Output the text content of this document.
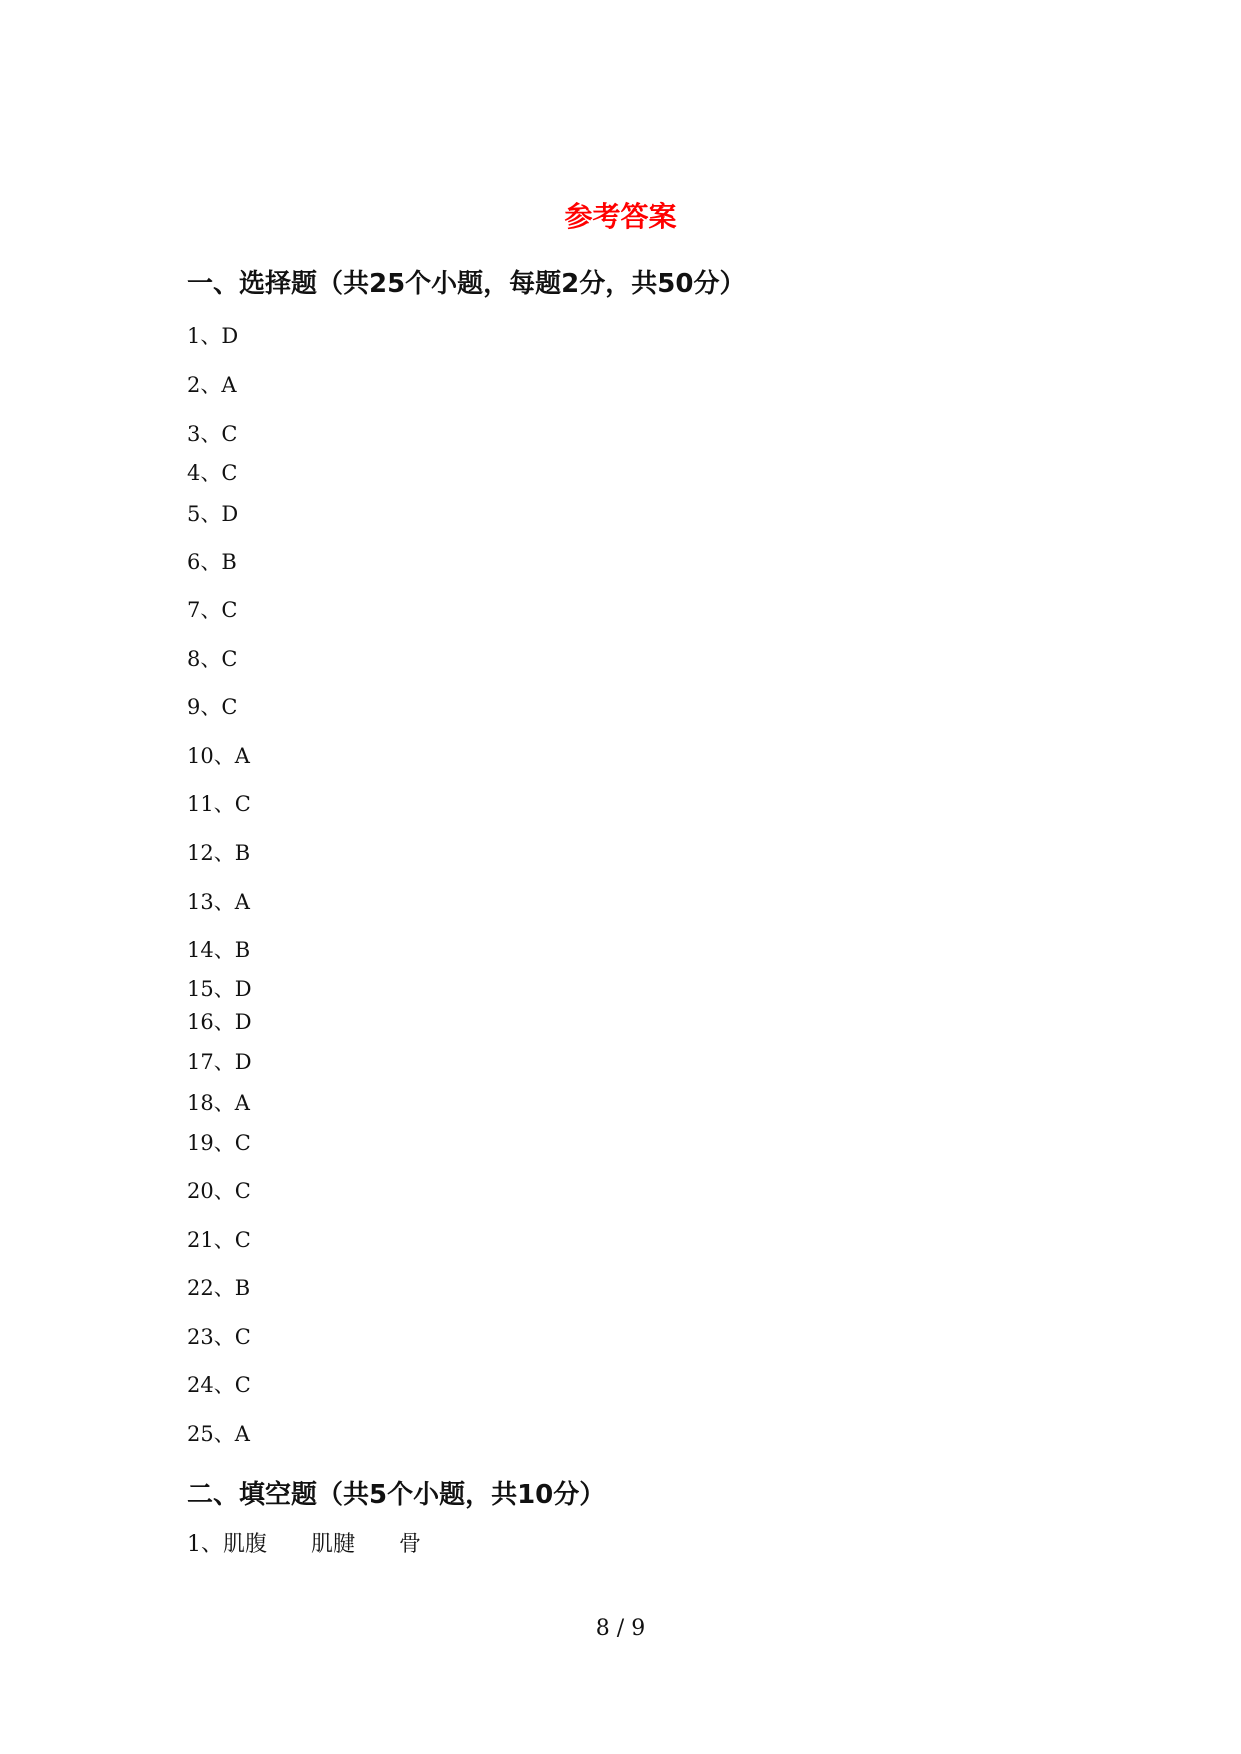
参考答案
一、选择题（共25个小题，每题2分，共50分）
1、D
2、A
3、C
4、C
5、D
6、B
7、C
8、C
9、C
10、A
11、C
12、B
13、A
14、B
15、D
16、D
17、D
18、A
19、C
20、C
21、C
22、B
23、C
24、C
25、A
二、填空题（共5个小题，共10分）
1、肌腹 肌腱 骨
8 / 9
